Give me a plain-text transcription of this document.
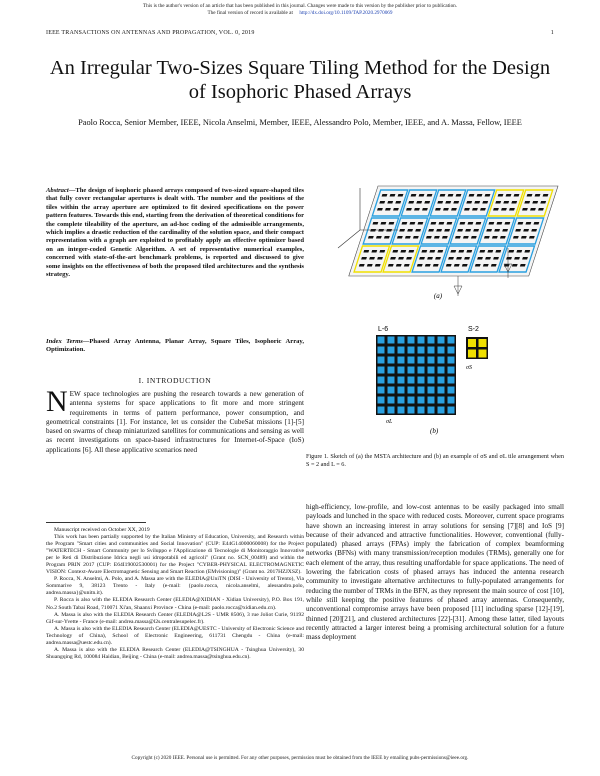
This is the author's version of an article that has been published in this journal. Changes were made to this version by the publisher prior to publication.
The final version of record is available at http://dx.doi.org/10.1109/TAP.2020.2970069
IEEE TRANSACTIONS ON ANTENNAS AND PROPAGATION, VOL. 0, 2019	1
An Irregular Two-Sizes Square Tiling Method for the Design of Isophoric Phased Arrays
Paolo Rocca, Senior Member, IEEE, Nicola Anselmi, Member, IEEE, Alessandro Polo, Member, IEEE, and A. Massa, Fellow, IEEE
Abstract—The design of isophoric phased arrays composed of two-sized square-shaped tiles that fully cover rectangular apertures is dealt with. The number and the positions of the tiles within the array aperture are optimized to fit desired specifications on the power pattern features. Towards this end, starting from the derivation of theoretical conditions for the complete tileability of the aperture, an ad-hoc coding of the admissible arrangements, which implies a drastic reduction of the cardinality of the solution space, and their compact representation with a graph are exploited to profitably apply an effective optimizer based on an integer-coded Genetic Algorithm. A set of representative numerical examples, concerned with state-of-the-art benchmark problems, is reported and discussed to give some insights on the effectiveness of both the proposed tiled architectures and the synthesis strategy.
Index Terms—Phased Array Antenna, Planar Array, Square Tiles, Isophoric Array, Optimization.
I. INTRODUCTION
NEW space technologies are pushing the research towards a new generation of antenna systems for space applications to fit more and more stringent requirements in terms of pattern performance, power consumption, and geometrical constraints [1]. For instance, let us consider the CubeSat missions [1]-[5] based on swarms of cheap miniaturized satellites for communications and sensing as well as recent investigations on space-based infrastructures for Internet-of-Space (IoS) applications [6]. All these applicative scenarios need

Manuscript received on October XX, 2019

This work has been partially supported by the Italian Ministry of Education, University, and Research within the Program "Smart cities and communities and Social Innovation" (CUP: E44G14000060008) for the Project "WATERTECH - Smart Community per lo Sviluppo e l'Applicazione di Tecnologie di Monitoraggio Innovative per le Reti di Distribuzione Idrica negli usi idropotabili ed agricoli" (Grant no. SCN_00489) and within the Program PRIN 2017 (CUP: E64I19002530001) for the Project "CYBER-PHYSICAL ELECTROMAGNETIC VISION: Context-Aware Electromagnetic Sensing and Smart Reaction (EMvisioning)" (Grant no. 2017HZJXSZ).

P. Rocca, N. Anselmi, A. Polo, and A. Massa are with the ELEDIA@UniTN (DISI - University of Trento), Via Sommarive 9, 38123 Trento - Italy (e-mail: {paolo.rocca, nicola.anselmi, alessandro.polo, andrea.massa}@unitn.it).

P. Rocca is also with the ELEDIA Research Center (ELEDIA@XIDIAN - Xidian University), P.O. Box 191, No.2 South Tabai Road, 710071 Xi'an, Shaanxi Province - China (e-mail: paolo.rocca@xidian.edu.cn).

A. Massa is also with the ELEDIA Research Center (ELEDIA@L2S - UMR 8506), 3 rue Joliot Curie, 91192 Gif-sur-Yvette - France (e-mail: andrea.massa@l2s.centralesupelec.fr).

A. Massa is also with the ELEDIA Research Center (ELEDIA@UESTC - University of Electronic Science and Technology of China), School of Electronic Engineering, 611731 Chengdu - China (e-mail: andrea.massa@uestc.edu.cn).

A. Massa is also with the ELEDIA Research Center (ELEDIA@TSINGHUA - Tsinghua University), 30 Shuangqing Rd, 100084 Haidian, Beijing - China (e-mail: andrea.massa@tsinghua.edu.cn).

(a)
L-6	S-2
σS
σL
(b)
Figure 1. Sketch of (a) the MSTA architecture and (b) an example of σS and σL tile arrangement when S = 2 and L = 6.
high-efficiency, low-profile, and low-cost antennas to be easily packaged into small payloads and lunched in the space with reduced costs. Moreover, current space programs have shown an increasing interest in array solutions for sensing [7][8] and IoS [9] because of their advanced and attractive functionalities. However, conventional (fully-populated) phased arrays (FPAs) imply the fabrication of complex beamforming networks (BFNs) with many transmission/reception modules (TRMs), generally one for each element of the array, thus resulting unaffordable for space applications. The need of lowering the fabrication costs of phased arrays has induced the antenna research community to investigate alternative architectures to fully-populated arrangements for reducing the number of TRMs in the BFN, as they represent the main source of cost [10], while still keeping the positive features of phased array antennas. Consequently, unconventional compromise arrays have been proposed [11] including sparse [12]-[19], thinned [20][21], and clustered architectures [22]-[31]. Among these latter, tiled layouts recently attracted a larger interest being a promising architectural solution for a future mass deployment
Copyright (c) 2020 IEEE. Personal use is permitted. For any other purposes, permission must be obtained from the IEEE by emailing pubs-permissions@ieee.org.
